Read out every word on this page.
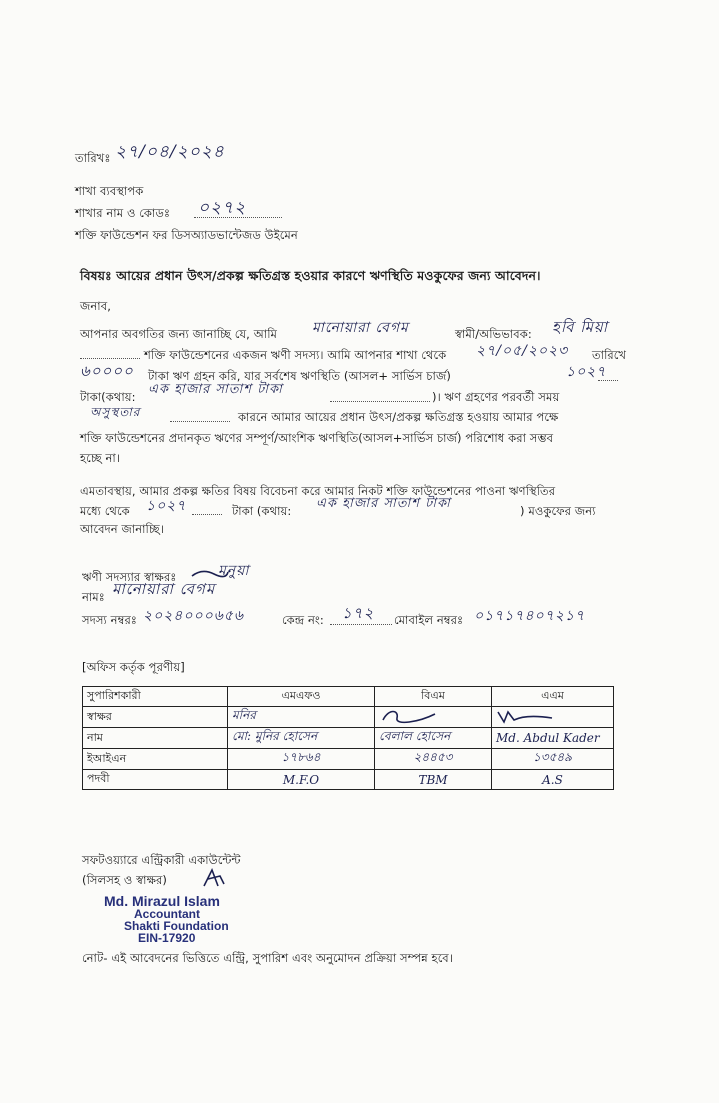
তারিখঃ ২৭/০৪/২০২৪
শাখা ব্যবস্থাপক
শাখার নাম ও কোডঃ ০২৭২
শক্তি ফাউন্ডেশন ফর ডিসঅ্যাডভান্টেজড উইমেন
বিষয়ঃ আয়ের প্রধান উৎস/প্রকল্প ক্ষতিগ্রস্ত হওয়ার কারণে ঋণস্থিতি মওকুফের জন্য আবেদন।
জনাব,
আপনার অবগতির জন্য জানাচ্ছি যে, আমি	মানোয়ারা বেগম	স্বামী/অভিভাবক: হবি মিয়া
শক্তি ফাউন্ডেশনের একজন ঋণী সদস্য। আমি আপনার শাখা থেকে ২৭/০৫/২০২৩ তারিখে
৬০০০০ টাকা ঋণ গ্রহন করি, যার সর্বশেষ ঋণস্থিতি (আসল+ সার্ভিস চার্জ)	১০২৭
টাকা(কথায়: এক হাজার সাতাশ টাকা	)। ঋণ গ্রহণের পরবর্তী সময়
অসুস্থতার	কারনে আমার আয়ের প্রধান উৎস/প্রকল্প ক্ষতিগ্রস্ত হওয়ায় আমার পক্ষে
শক্তি ফাউন্ডেশনের প্রদানকৃত ঋণের সম্পূর্ণ/আংশিক ঋণস্থিতি(আসল+সার্ভিস চার্জ) পরিশোধ করা সম্ভব
হচ্ছে না।
এমতাবস্থায়, আমার প্রকল্প ক্ষতির বিষয় বিবেচনা করে আমার নিকট শক্তি ফাউন্ডেশনের পাওনা ঋণস্থিতির
মধ্যে থেকে ১০২৭	টাকা (কথায়: এক হাজার সাতাশ টাকা	) মওকুফের জন্য
আবেদন জানাচ্ছি।
ঋণী সদস্যার স্বাক্ষরঃ	মনুয়া
নামঃ মানোয়ারা বেগম
সদস্য নম্বরঃ ২০২৪০০০৬৫৬	কেন্দ্র নং: ১৭২ মোবাইল নম্বরঃ ০১৭১৭৪০৭২১৭
[অফিস কর্তৃক পূরণীয়]
সুপারিশকারী	এমএফও	বিএম	এএম
স্বাক্ষর	মনির		
নাম	মো: মুনির হোসেন	বেলাল হোসেন	Md. Abdul Kader
ইআইএন	১৭৮৬৪	২৪৪৫৩	১৩৫৪৯
পদবী	M.F.O	TBM	A.S
সফটওয়্যারে এন্ট্রিকারী একাউন্টেন্ট
(সিলসহ ও স্বাক্ষর)
Md. Mirazul Islam
Accountant
Shakti Foundation
EIN-17920
নোট- এই আবেদনের ভিত্তিতে এন্ট্রি, সুপারিশ এবং অনুমোদন প্রক্রিয়া সম্পন্ন হবে।
